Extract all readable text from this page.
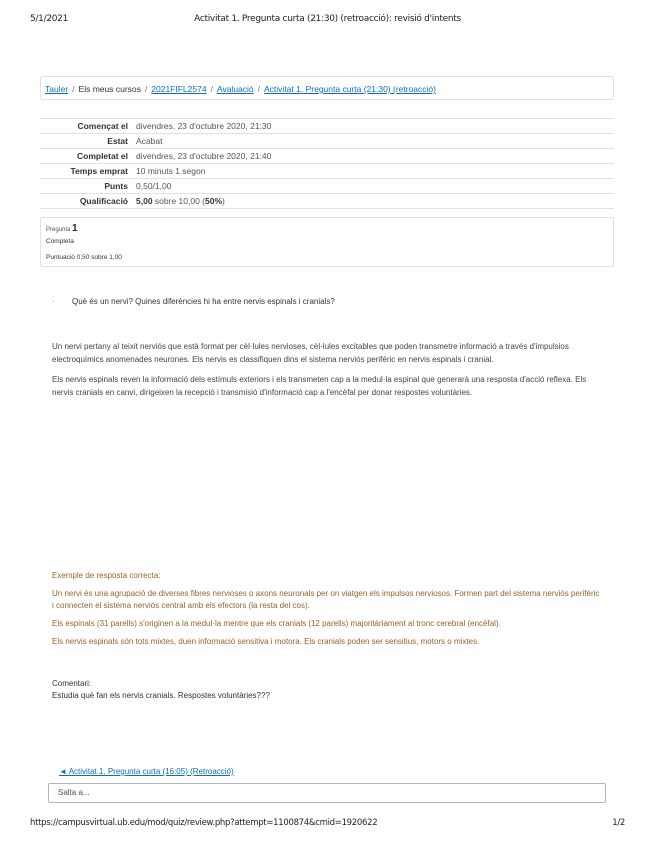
5/1/2021	Activitat 1. Pregunta curta (21:30) (retroacció): revisió d'intents
Tauler / Els meus cursos / 2021FIFL2574 / Avaluació / Activitat 1. Pregunta curta (21:30) (retroacció)
Començat el	divendres, 23 d'octubre 2020, 21:30
Estat	Acabat
Completat el	divendres, 23 d'octubre 2020, 21:40
Temps emprat	10 minuts 1 segon
Punts	0,50/1,00
Qualificació	5,00 sobre 10,00 (50%)
Pregunta 1
Completa
Puntuació 0,50 sobre 1,00
· Què és un nervi? Quines diferències hi ha entre nervis espinals i cranials?

Un nervi pertany al teixit nerviós que està format per cèl·lules nervioses, cèl·lules excitables que poden transmetre informació a través d'impulsios electroquímics anomenades neurones. Els nervis es classifiquen dins el sistema nerviós perifèric en nervis espinals i cranial.

Els nervis espinals reven la informació dels estímuls exteriors i els transmeten cap a la medul·la espinal que generarà una resposta d'acció reflexa. Els nervis cranials en canvi, dirigeixen la recepció i transmisió d'informació cap a l'encèfal per donar respostes voluntàries.

Exemple de resposta correcta:

Un nervi és una agrupació de diverses fibres nervioses o axons neuronals per on viatgen els impulsos nerviosos. Formen part del sistema nerviós perifèric i connecten el sistema nerviós central amb els efectors (la resta del cos).

Els espinals (31 parells) s'originen a la medul·la mentre que els cranials (12 parells) majoritàriament al tronc cerebral (encèfal).

Els nervis espinals són tots mixtes, duen informació sensitiva i motora. Els cranials poden ser sensitius, motors o mixtes.

Comentari:
Estudia què fan els nervis cranials. Respostes voluntàries???
◄ Activitat 1. Pregunta curta (16:05) (Retroacció)
Salta a...
https://campusvirtual.ub.edu/mod/quiz/review.php?attempt=1100874&cmid=1920622	1/2
